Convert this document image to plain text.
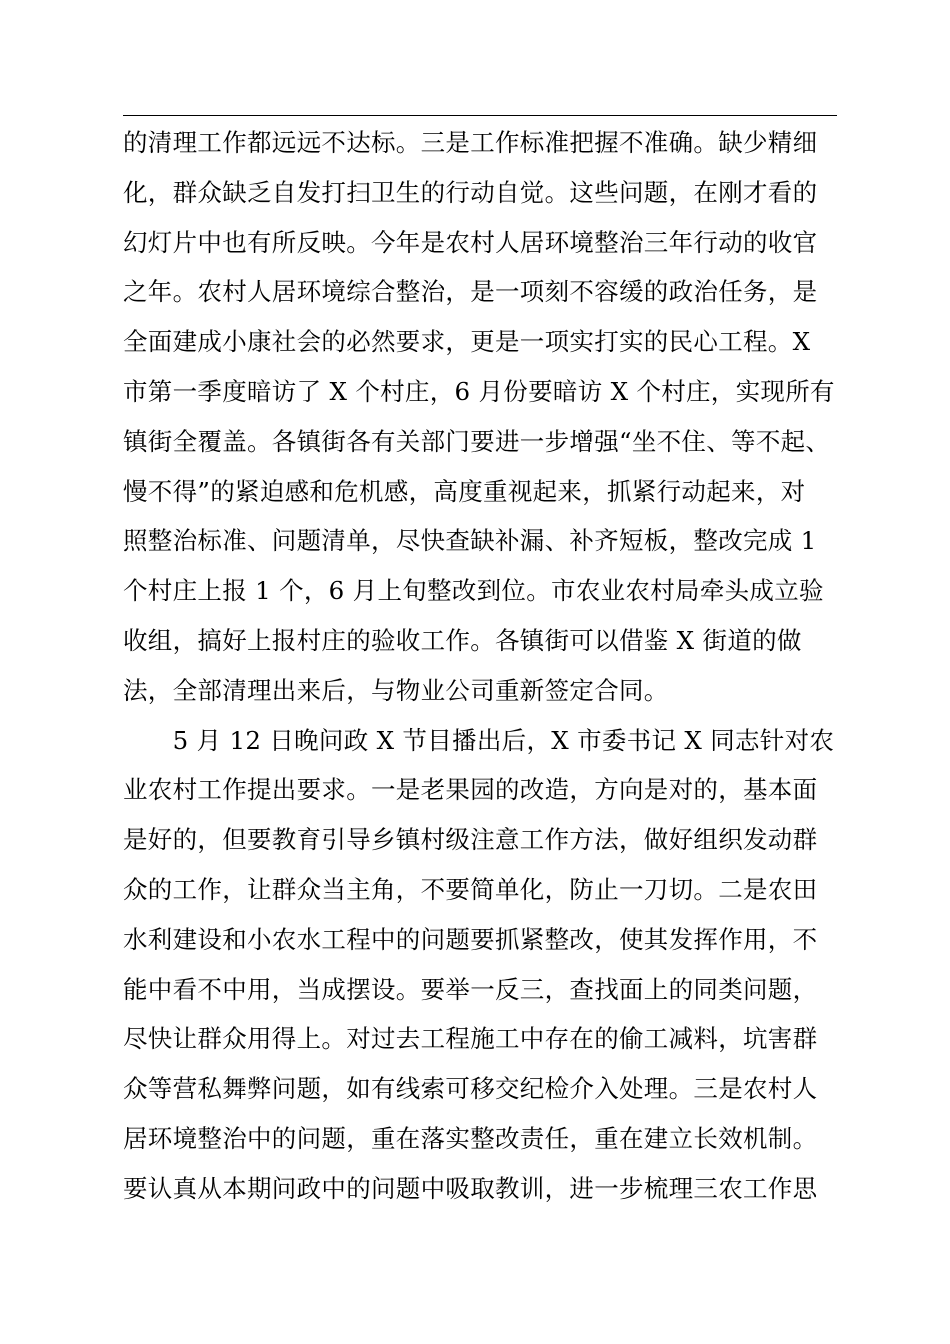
的清理工作都远远不达标。三是工作标准把握不准确。缺少精细
化，群众缺乏自发打扫卫生的行动自觉。这些问题，在刚才看的
幻灯片中也有所反映。今年是农村人居环境整治三年行动的收官
之年。农村人居环境综合整治，是一项刻不容缓的政治任务，是
全面建成小康社会的必然要求，更是一项实打实的民心工程。X
市第一季度暗访了 X 个村庄，6 月份要暗访 X 个村庄，实现所有
镇街全覆盖。各镇街各有关部门要进一步增强“坐不住、等不起、
慢不得”的紧迫感和危机感，高度重视起来，抓紧行动起来，对
照整治标准、问题清单，尽快查缺补漏、补齐短板，整改完成 1
个村庄上报 1 个，6 月上旬整改到位。市农业农村局牵头成立验
收组，搞好上报村庄的验收工作。各镇街可以借鉴 X 街道的做
法，全部清理出来后，与物业公司重新签定合同。
　　5 月 12 日晚问政 X 节目播出后，X 市委书记 X 同志针对农
业农村工作提出要求。一是老果园的改造，方向是对的，基本面
是好的，但要教育引导乡镇村级注意工作方法，做好组织发动群
众的工作，让群众当主角，不要简单化，防止一刀切。二是农田
水利建设和小农水工程中的问题要抓紧整改，使其发挥作用，不
能中看不中用，当成摆设。要举一反三，查找面上的同类问题，
尽快让群众用得上。对过去工程施工中存在的偷工减料，坑害群
众等营私舞弊问题，如有线索可移交纪检介入处理。三是农村人
居环境整治中的问题，重在落实整改责任，重在建立长效机制。
要认真从本期问政中的问题中吸取教训，进一步梳理三农工作思
